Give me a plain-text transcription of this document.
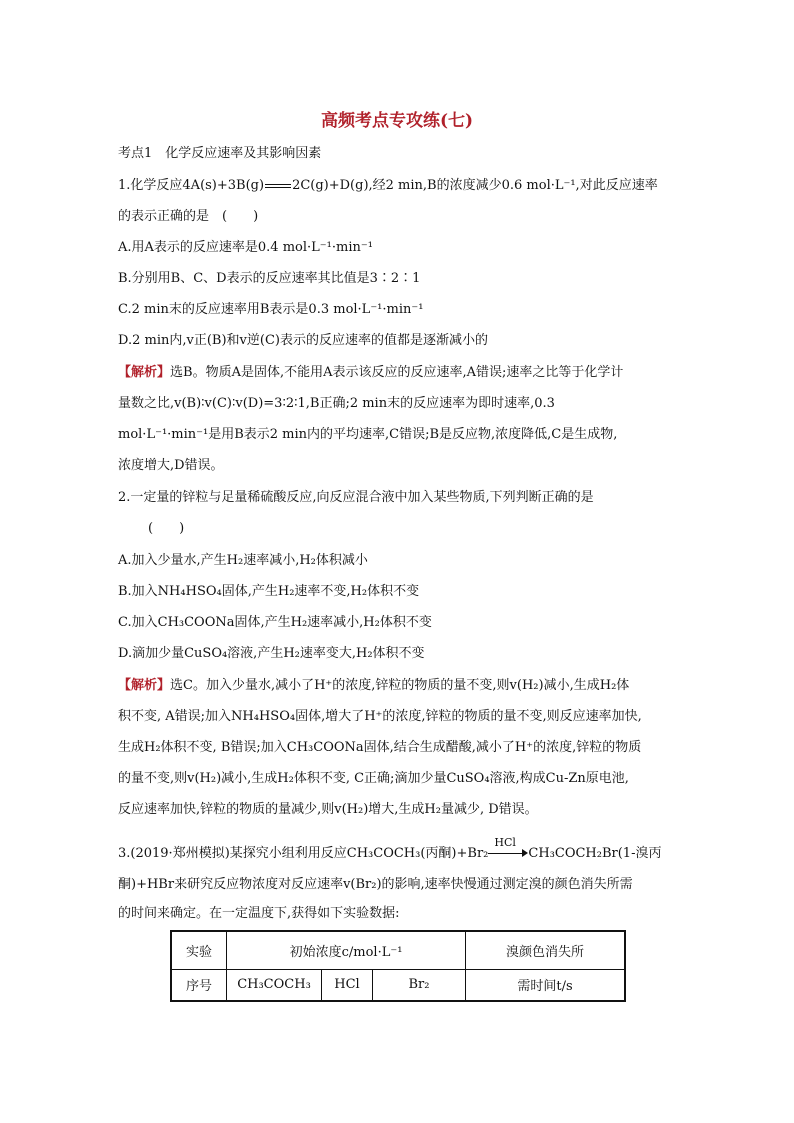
高频考点专攻练(七)
考点1　化学反应速率及其影响因素
1.化学反应4A(s)+3B(g) 2C(g)+D(g),经2 min,B的浓度减少0.6 mol·L⁻¹,对此反应速率
的表示正确的是　(　　)
A.用A表示的反应速率是0.4 mol·L⁻¹·min⁻¹
B.分别用B、C、D表示的反应速率其比值是3∶2∶1
C.2 min末的反应速率用B表示是0.3 mol·L⁻¹·min⁻¹
D.2 min内,v正(B)和v逆(C)表示的反应速率的值都是逐渐减小的
【解析】选B。物质A是固体,不能用A表示该反应的反应速率,A错误;速率之比等于化学计
量数之比,v(B)∶v(C)∶v(D)=3∶2∶1,B正确;2 min末的反应速率为即时速率,0.3
mol·L⁻¹·min⁻¹是用B表示2 min内的平均速率,C错误;B是反应物,浓度降低,C是生成物,
浓度增大,D错误。
2.一定量的锌粒与足量稀硫酸反应,向反应混合液中加入某些物质,下列判断正确的是
(　　)
A.加入少量水,产生H₂速率减小,H₂体积减小
B.加入NH₄HSO₄固体,产生H₂速率不变,H₂体积不变
C.加入CH₃COONa固体,产生H₂速率减小,H₂体积不变
D.滴加少量CuSO₄溶液,产生H₂速率变大,H₂体积不变
【解析】选C。加入少量水,减小了H⁺的浓度,锌粒的物质的量不变,则v(H₂)减小,生成H₂体
积不变, A错误;加入NH₄HSO₄固体,增大了H⁺的浓度,锌粒的物质的量不变,则反应速率加快,
生成H₂体积不变, B错误;加入CH₃COONa固体,结合生成醋酸,减小了H⁺的浓度,锌粒的物质
的量不变,则v(H₂)减小,生成H₂体积不变, C正确;滴加少量CuSO₄溶液,构成Cu-Zn原电池,
反应速率加快,锌粒的物质的量减少,则v(H₂)增大,生成H₂量减少, D错误。
3.(2019·郑州模拟)某探究小组利用反应CH₃COCH₃(丙酮)+Br₂
HCl
CH₃COCH₂Br(1-溴丙
酮)+HBr来研究反应物浓度对反应速率v(Br₂)的影响,速率快慢通过测定溴的颜色消失所需
的时间来确定。在一定温度下,获得如下实验数据:
实验	初始浓度c/mol·L⁻¹			溴颜色消失所
序号	CH₃COCH₃	HCl	Br₂	需时间t/s
